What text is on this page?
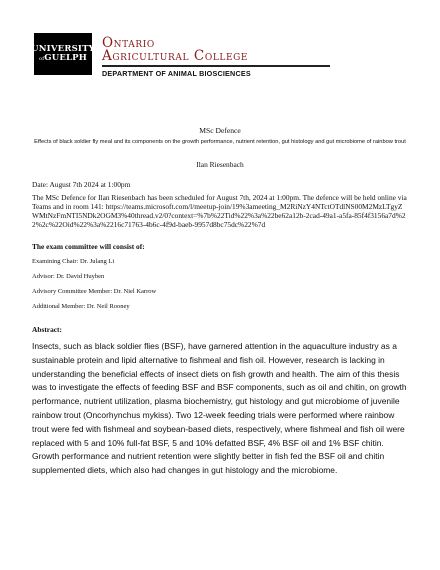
UNIVERSITY
ofGUELPH
Ontario
Agricultural College
DEPARTMENT OF ANIMAL BIOSCIENCES
MSc Defence
Effects of black soldier fly meal and its components on the growth performance, nutrient retention, gut histology and gut microbiome of rainbow trout
Ilan Riesenbach
Date: August 7th 2024 at 1:00pm
The MSc Defence for Ilan Riesenbach has been scheduled for August 7th, 2024 at 1:00pm. The defence will be held online via Teams and in room 141: https://teams.microsoft.com/l/meetup-join/19%3ameeting_M2RiNzY4NTctOTdlNS00M2MzLTgyZWMtNzFmNTI5NDk2OGM3%40thread.v2/0?context=%7b%22Tid%22%3a%22be62a12b-2cad-49a1-a5fa-85f4f3156a7d%22%2c%22Oid%22%3a%2216c71763-4b6c-4f9d-baeb-9957d8bc75dc%22%7d
The exam committee will consist of:
Examining Chair: Dr. Julang Li
Advisor: Dr. David Huyben
Advisory Committee Member: Dr. Niel Karrow
Additional Member: Dr. Neil Rooney
Abstract:
Insects, such as black soldier flies (BSF), have garnered attention in the aquaculture industry as a sustainable protein and lipid alternative to fishmeal and fish oil. However, research is lacking in understanding the beneficial effects of insect diets on fish growth and health. The aim of this thesis was to investigate the effects of feeding BSF and BSF components, such as oil and chitin, on growth performance, nutrient utilization, plasma biochemistry, gut histology and gut microbiome of juvenile rainbow trout (Oncorhynchus mykiss). Two 12-week feeding trials were performed where rainbow trout were fed with fishmeal and soybean-based diets, respectively, where fishmeal and fish oil were replaced with 5 and 10% full-fat BSF, 5 and 10% defatted BSF, 4% BSF oil and 1% BSF chitin. Growth performance and nutrient retention were slightly better in fish fed the BSF oil and chitin supplemented diets, which also had changes in gut histology and the microbiome.
